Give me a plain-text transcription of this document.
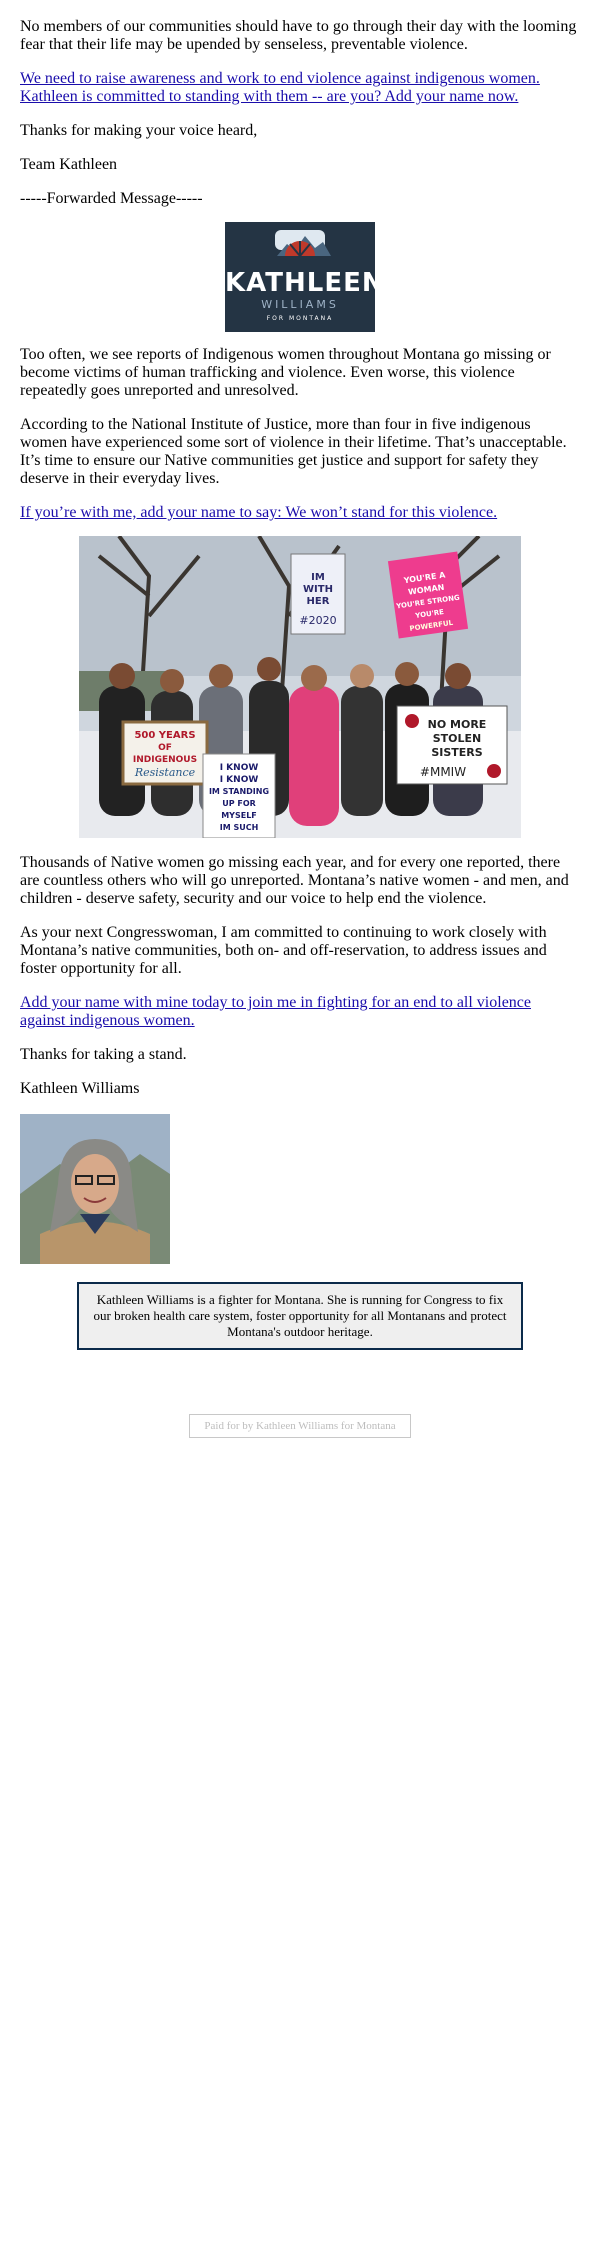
No members of our communities should have to go through their day with the looming fear that their life may be upended by senseless, preventable violence.

We need to raise awareness and work to end violence against indigenous women. Kathleen is committed to standing with them -- are you? Add your name now.

Thanks for making your voice heard,

Team Kathleen

-----Forwarded Message-----

KATHLEEN
WILLIAMS
FOR MONTANA

Too often, we see reports of Indigenous women throughout Montana go missing or become victims of human trafficking and violence. Even worse, this violence repeatedly goes unreported and unresolved.

According to the National Institute of Justice, more than four in five indigenous women have experienced some sort of violence in their lifetime. That’s unacceptable. It’s time to ensure our Native communities get justice and support for safety they deserve in their everyday lives.

If you’re with me, add your name to say: We won’t stand for this violence.

500 YEARS
OF
INDIGENOUS
Resistance	I KNOW
I KNOW
IM STANDING
UP FOR
MYSELF
IM SUCH
IM
WITH
HER
#2020
YOU'RE A
WOMAN
YOU'RE STRONG
YOU'RE
POWERFUL
NO MORE
STOLEN
SISTERS
#MMIW

Thousands of Native women go missing each year, and for every one reported, there are countless others who will go unreported. Montana’s native women - and men, and children - deserve safety, security and our voice to help end the violence.

As your next Congresswoman, I am committed to continuing to work closely with Montana’s native communities, both on- and off-reservation, to address issues and foster opportunity for all.

Add your name with mine today to join me in fighting for an end to all violence against indigenous women.

Thanks for taking a stand.

Kathleen Williams

Kathleen Williams is a fighter for Montana. She is running for Congress to fix our broken health care system, foster opportunity for all Montanans and protect Montana's outdoor heritage.
Paid for by Kathleen Williams for Montana
